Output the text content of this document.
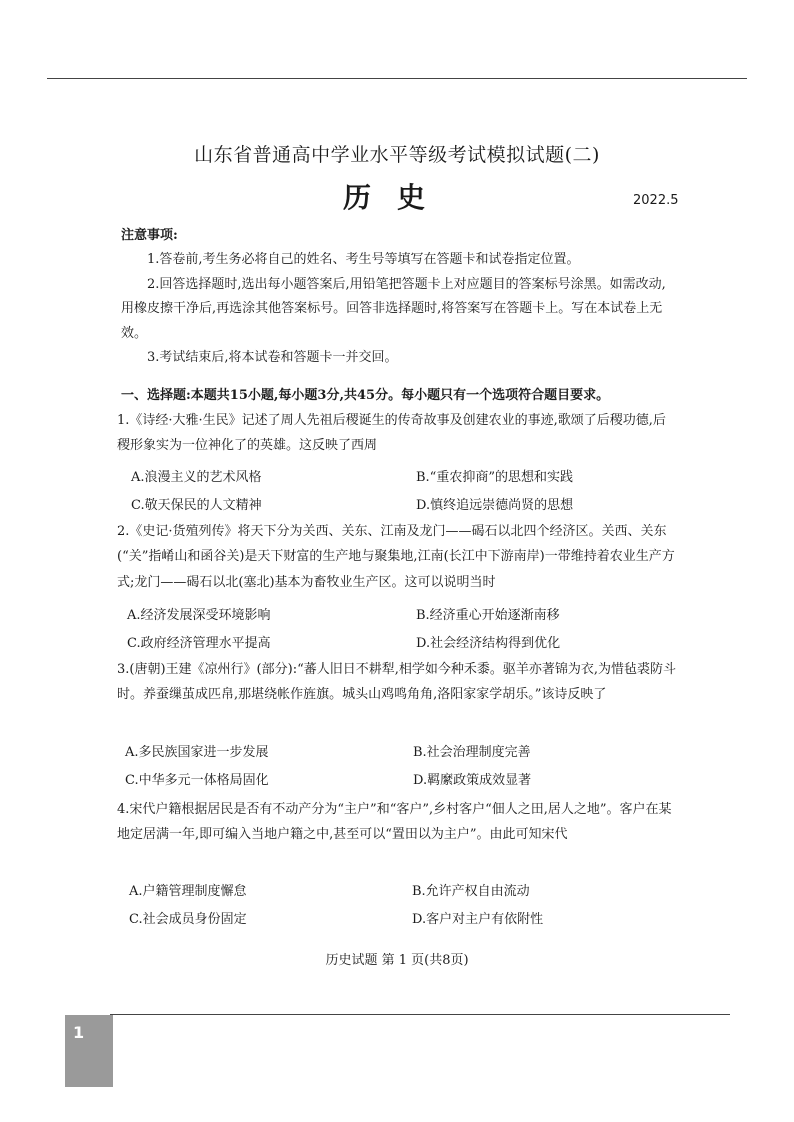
山东省普通高中学业水平等级考试模拟试题(二)
历史	2022.5
注意事项:

1.答卷前,考生务必将自己的姓名、考生号等填写在答题卡和试卷指定位置。

2.回答选择题时,选出每小题答案后,用铅笔把答题卡上对应题目的答案标号涂黑。如需改动,用橡皮擦干净后,再选涂其他答案标号。回答非选择题时,将答案写在答题卡上。写在本试卷上无效。

3.考试结束后,将本试卷和答题卡一并交回。

一、选择题:本题共15小题,每小题3分,共45分。每小题只有一个选项符合题目要求。

1.《诗经·大雅·生民》记述了周人先祖后稷诞生的传奇故事及创建农业的事迹,歌颂了后稷功德,后稷形象实为一位神化了的英雄。这反映了西周

A.浪漫主义的艺术风格	B.“重农抑商”的思想和实践
C.敬天保民的人文精神	D.慎终追远崇德尚贤的思想

2.《史记·货殖列传》将天下分为关西、关东、江南及龙门——碣石以北四个经济区。关西、关东(“关”指崤山和函谷关)是天下财富的生产地与聚集地,江南(长江中下游南岸)一带维持着农业生产方式;龙门——碣石以北(塞北)基本为畜牧业生产区。这可以说明当时

A.经济发展深受环境影响	B.经济重心开始逐渐南移
C.政府经济管理水平提高	D.社会经济结构得到优化

3.(唐朝)王建《凉州行》(部分):“蕃人旧日不耕犁,相学如今种禾黍。驱羊亦著锦为衣,为惜毡裘防斗时。养蚕缫茧成匹帛,那堪绕帐作旌旗。城头山鸡鸣角角,洛阳家家学胡乐。”该诗反映了

A.多民族国家进一步发展	B.社会治理制度完善
C.中华多元一体格局固化	D.羁縻政策成效显著

4.宋代户籍根据居民是否有不动产分为“主户”和“客户”,乡村客户“佃人之田,居人之地”。客户在某地定居满一年,即可编入当地户籍之中,甚至可以“置田以为主户”。由此可知宋代

A.户籍管理制度懈怠	B.允许产权自由流动
C.社会成员身份固定	D.客户对主户有依附性
历史试题 第 1 页(共8页)
1
